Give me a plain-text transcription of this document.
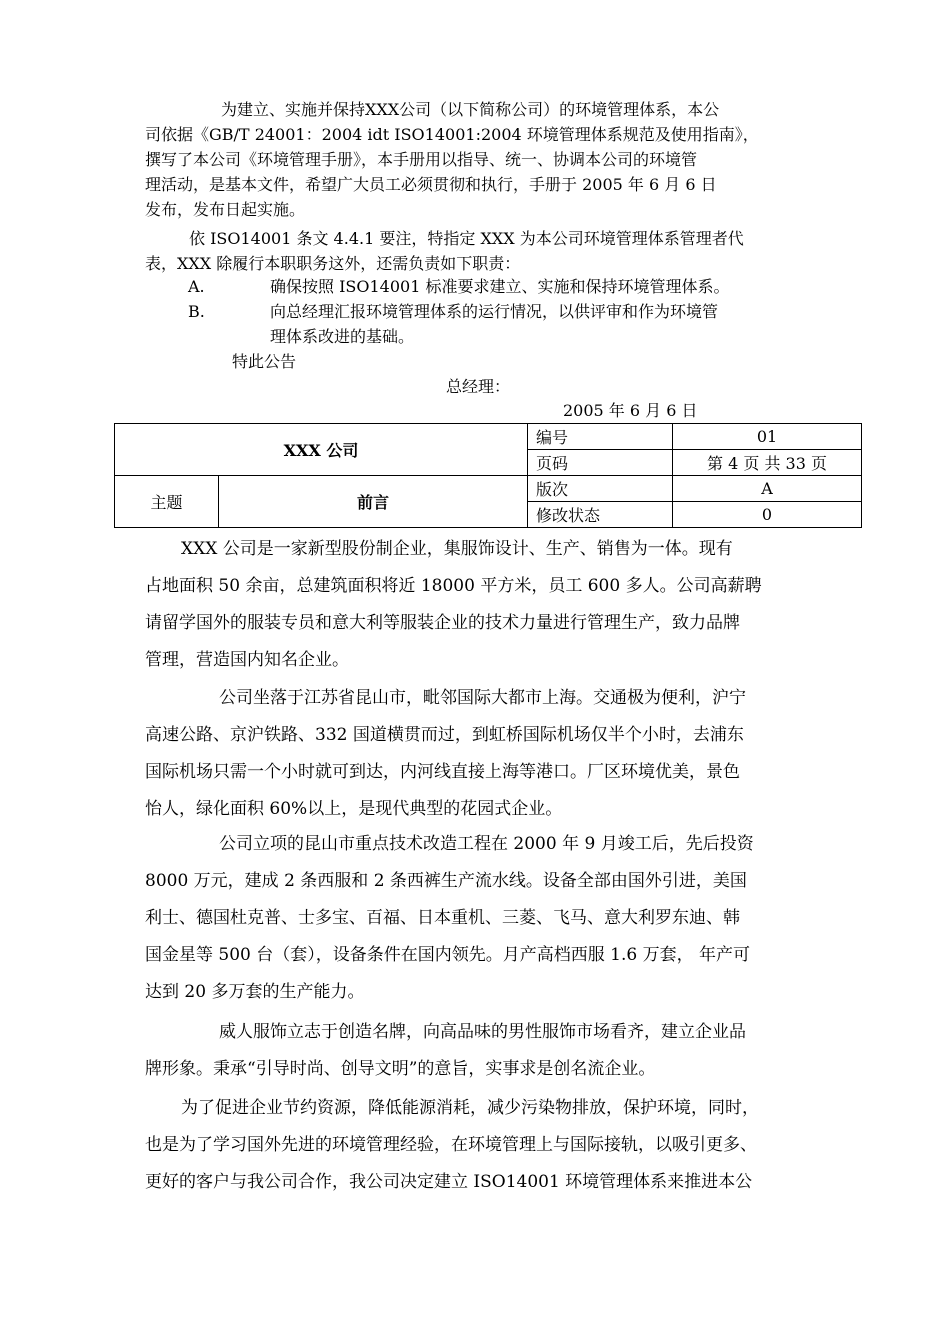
为建立、实施并保持XXX公司（以下简称公司）的环境管理体系，本公
司依据《GB/T 24001：2004 idt ISO14001:2004 环境管理体系规范及使用指南》，
撰写了本公司《环境管理手册》，本手册用以指导、统一、协调本公司的环境管
理活动，是基本文件，希望广大员工必须贯彻和执行，手册于 2005 年 6 月 6 日
发布，发布日起实施。
依 ISO14001 条文 4.4.1 要注，特指定 XXX 为本公司环境管理体系管理者代
表，XXX 除履行本职职务这外，还需负责如下职责：
A.	确保按照 ISO14001 标准要求建立、实施和保持环境管理体系。
B.	向总经理汇报环境管理体系的运行情况，以供评审和作为环境管
理体系改进的基础。
特此公告
总经理：
2005 年 6 月 6 日
XXX 公司		编号	01
		页码	第 4 页 共 33 页
主题	前言	版次	A
		修改状态	0
XXX 公司是一家新型股份制企业，集服饰设计、生产、销售为一体。现有
占地面积 50 余亩，总建筑面积将近 18000 平方米，员工 600 多人。公司高薪聘
请留学国外的服装专员和意大利等服装企业的技术力量进行管理生产，致力品牌
管理，营造国内知名企业。
公司坐落于江苏省昆山市，毗邻国际大都市上海。交通极为便利，沪宁
高速公路、京沪铁路、332 国道横贯而过，到虹桥国际机场仅半个小时，去浦东
国际机场只需一个小时就可到达，内河线直接上海等港口。厂区环境优美，景色
怡人，绿化面积 60%以上，是现代典型的花园式企业。
公司立项的昆山市重点技术改造工程在 2000 年 9 月竣工后，先后投资
8000 万元，建成 2 条西服和 2 条西裤生产流水线。设备全部由国外引进，美国
利士、德国杜克普、士多宝、百福、日本重机、三菱、飞马、意大利罗东迪、韩
国金星等 500 台（套），设备条件在国内领先。月产高档西服 1.6 万套， 年产可
达到 20 多万套的生产能力。
威人服饰立志于创造名牌，向高品味的男性服饰市场看齐，建立企业品
牌形象。秉承“引导时尚、创导文明”的意旨，实事求是创名流企业。
为了促进企业节约资源，降低能源消耗，减少污染物排放，保护环境，同时，
也是为了学习国外先进的环境管理经验，在环境管理上与国际接轨，以吸引更多、
更好的客户与我公司合作，我公司决定建立 ISO14001 环境管理体系来推进本公
